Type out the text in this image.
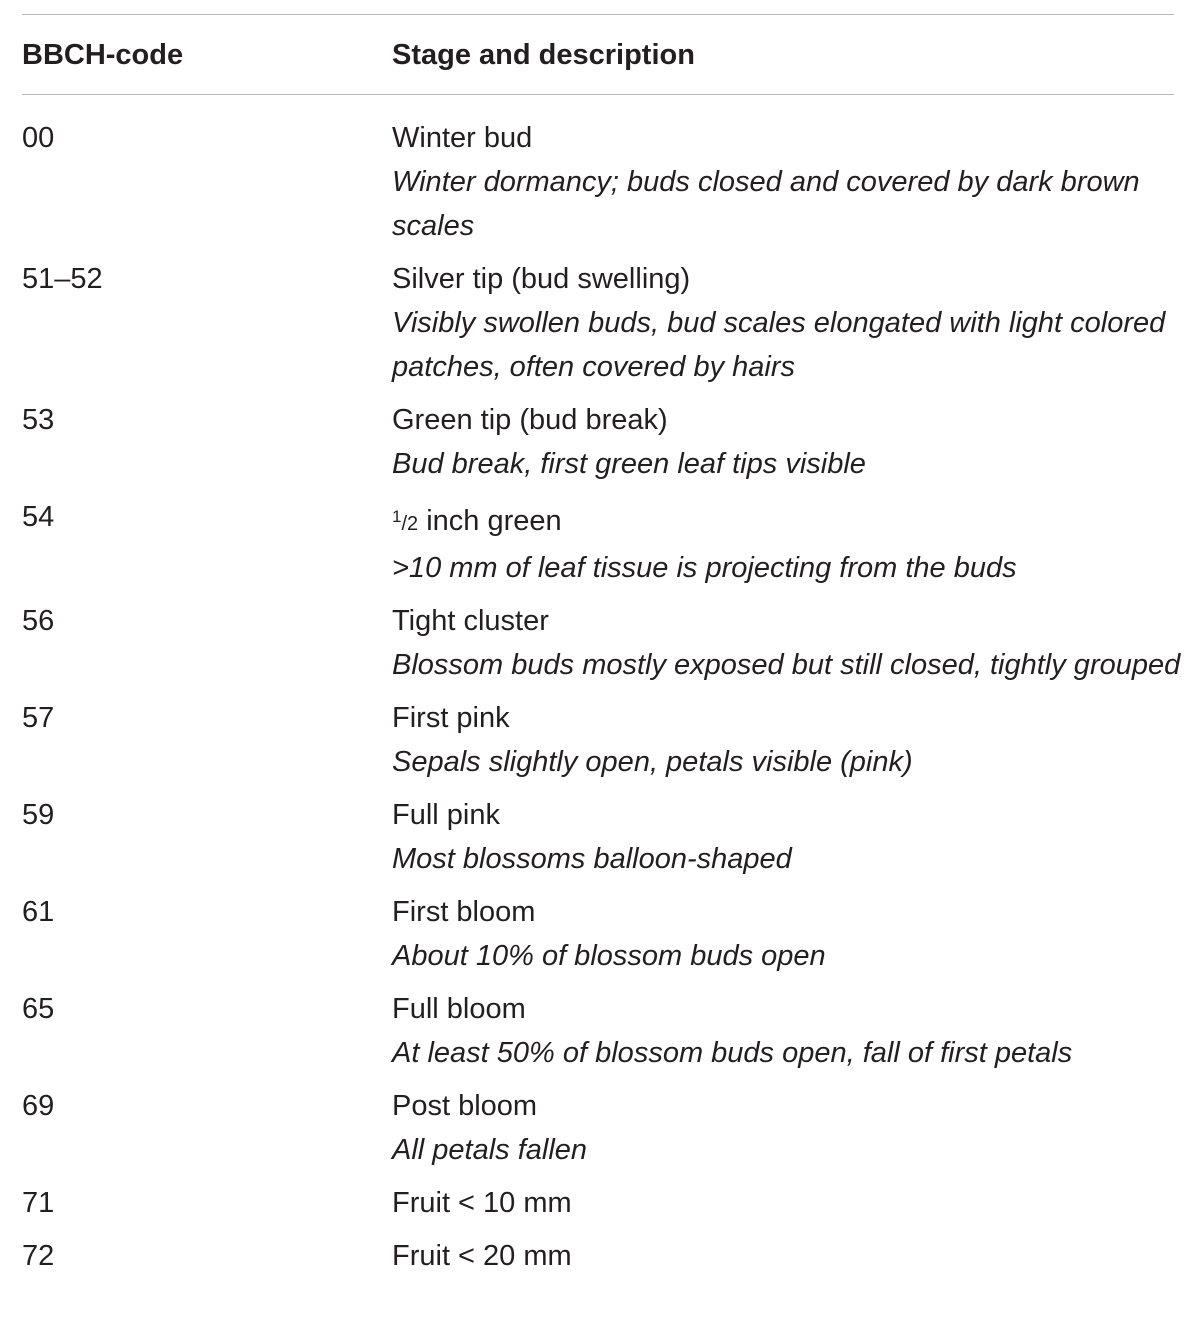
BBCH-code	Stage and description
00	Winter bud
Winter dormancy; buds closed and covered by dark brown scales
51–52	Silver tip (bud swelling)
Visibly swollen buds, bud scales elongated with light colored patches, often covered by hairs
53	Green tip (bud break)
Bud break, first green leaf tips visible
54	$^1$/2 inch green
>10 mm of leaf tissue is projecting from the buds
56	Tight cluster
Blossom buds mostly exposed but still closed, tightly grouped
57	First pink
Sepals slightly open, petals visible (pink)
59	Full pink
Most blossoms balloon-shaped
61	First bloom
About 10% of blossom buds open
65	Full bloom
At least 50% of blossom buds open, fall of first petals
69	Post bloom
All petals fallen
71	Fruit < 10 mm
72	Fruit < 20 mm
